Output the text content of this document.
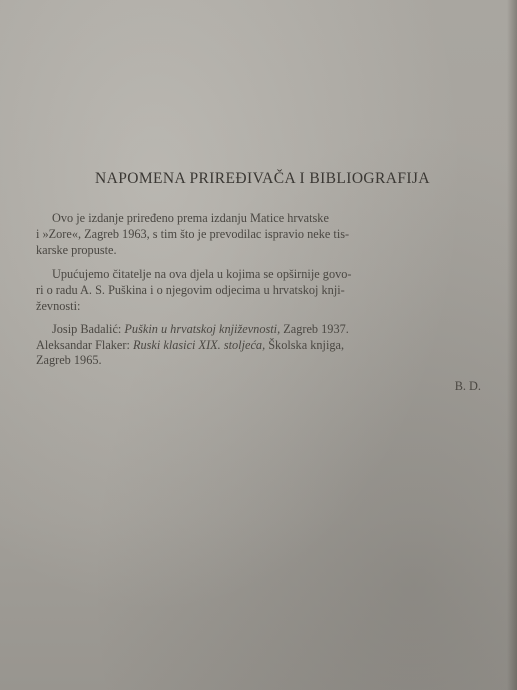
NAPOMENA PRIREĐIVAČA I BIBLIOGRAFIJA
Ovo je izdanje priređeno prema izdanju Matice hrvatske
i »Zore«, Zagreb 1963, s tim što je prevodilac ispravio neke tis-
karske propuste.
Upućujemo čitatelje na ova djela u kojima se opširnije govo-
ri o radu A. S. Puškina i o njegovim odjecima u hrvatskoj knji-
ževnosti:
Josip Badalić: Puškin u hrvatskoj književnosti, Zagreb 1937.
Aleksandar Flaker: Ruski klasici XIX. stoljeća, Školska knjiga,
Zagreb 1965.
B. D.
